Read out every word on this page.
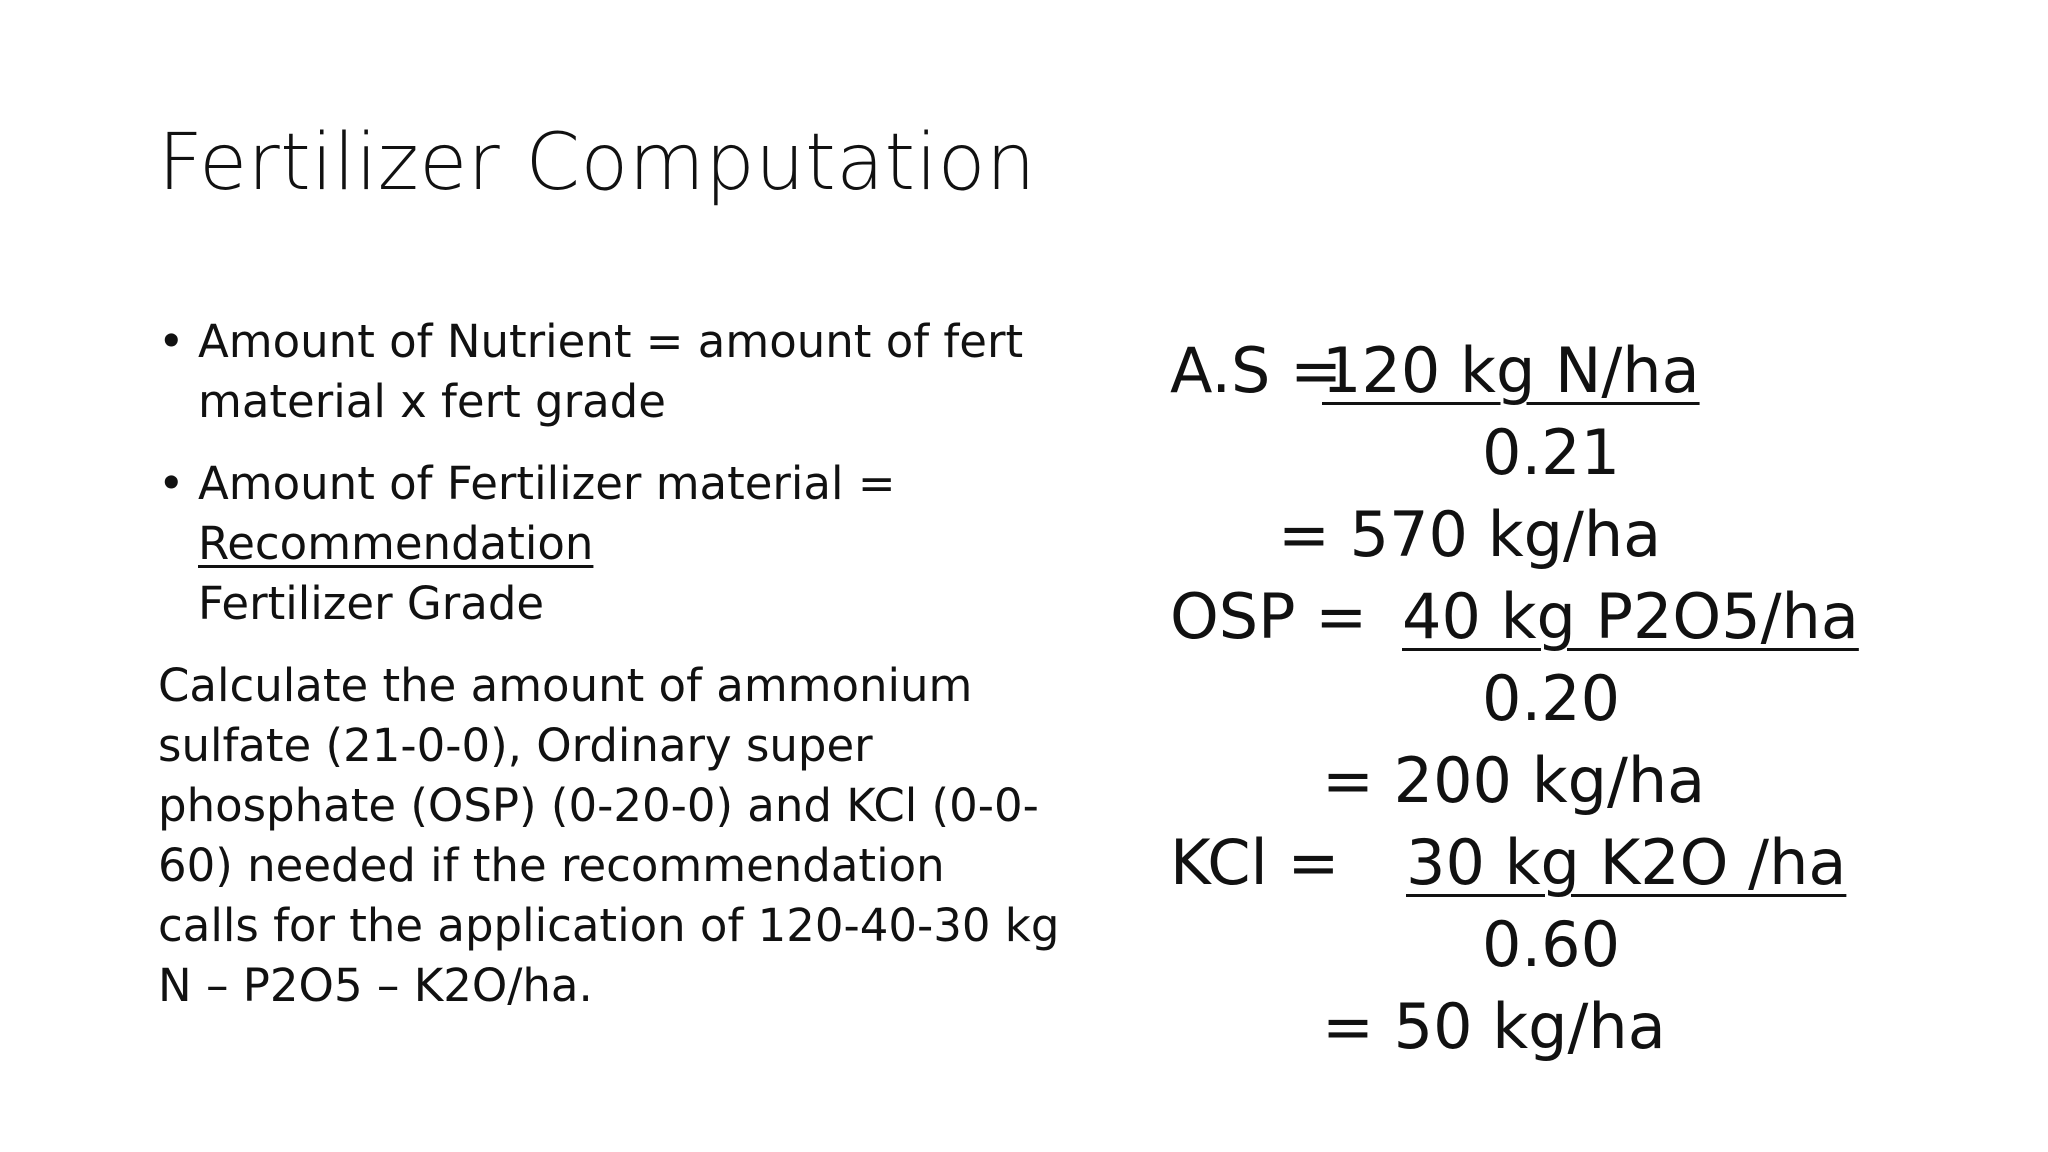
Fertilizer Computation
• Amount of Nutrient = amount of fert
material x fert grade
• Amount of Fertilizer material =
Recommendation
Fertilizer Grade
Calculate the amount of ammonium
sulfate (21-0-0), Ordinary super
phosphate (OSP) (0-20-0) and KCl (0-0-
60) needed if the recommendation
calls for the application of 120-40-30 kg
N – P2O5 – K2O/ha.
A.S =
120 kg N/ha
0.21
= 570 kg/ha
OSP = 40 kg P2O5/ha
0.20
= 200 kg/ha
KCl = 30 kg K2O /ha
0.60
= 50 kg/ha
